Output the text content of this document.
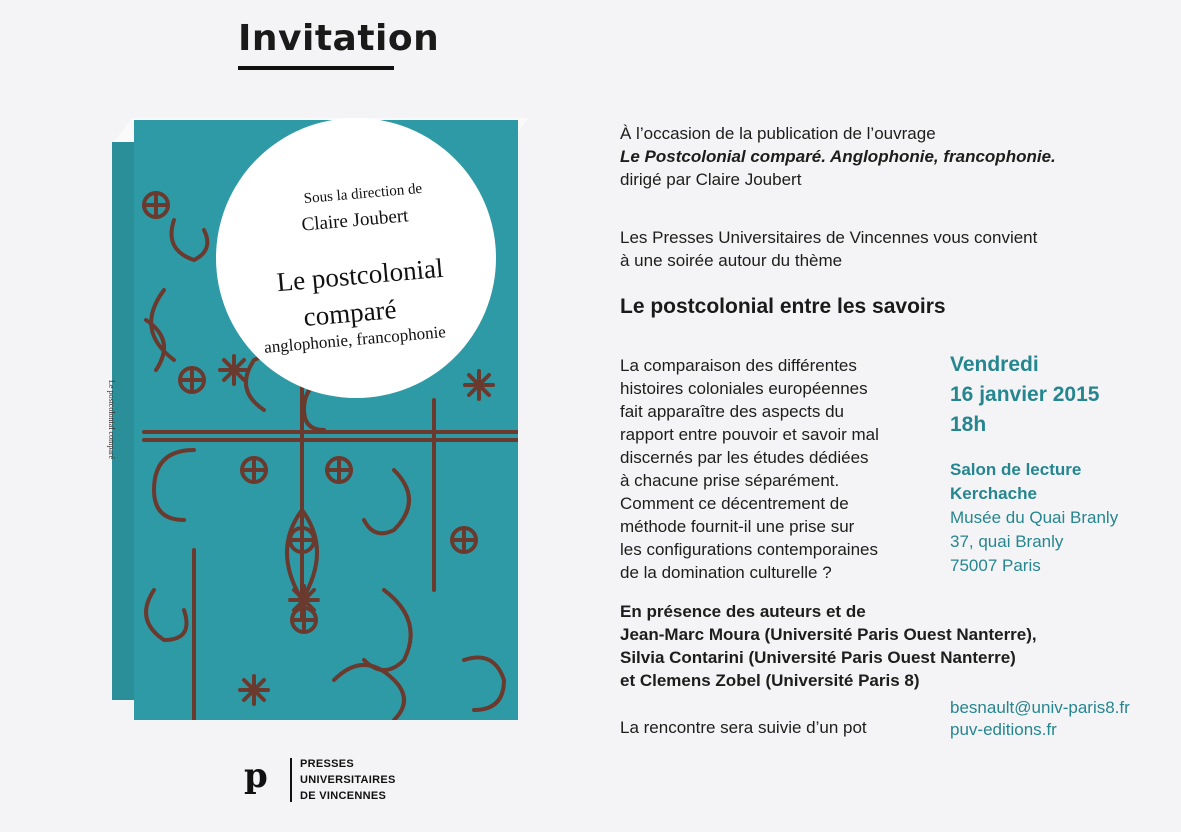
Invitation
Le postcolonial comparé
Sous la direction de
Claire Joubert
Le postcolonial
comparé
anglophonie, francophonie
p	PRESSES
UNIVERSITAIRES
DE VINCENNES
À l’occasion de la publication de l’ouvrage
Le Postcolonial comparé. Anglophonie, francophonie.
dirigé par Claire Joubert
Les Presses Universitaires de Vincennes vous convient
à une soirée autour du thème
Le postcolonial entre les savoirs
La comparaison des différentes
histoires coloniales européennes
fait apparaître des aspects du
rapport entre pouvoir et savoir mal
discernés par les études dédiées
à chacune prise séparément.
Comment ce décentrement de
méthode fournit-il une prise sur
les configurations contemporaines
de la domination culturelle ?
Vendredi
16 janvier 2015
18h
Salon de lecture
Kerchache
Musée du Quai Branly
37, quai Branly
75007 Paris
En présence des auteurs et de
Jean-Marc Moura (Université Paris Ouest Nanterre),
Silvia Contarini (Université Paris Ouest Nanterre)
et Clemens Zobel (Université Paris 8)
La rencontre sera suivie d’un pot
besnault@univ-paris8.fr
puv-editions.fr
